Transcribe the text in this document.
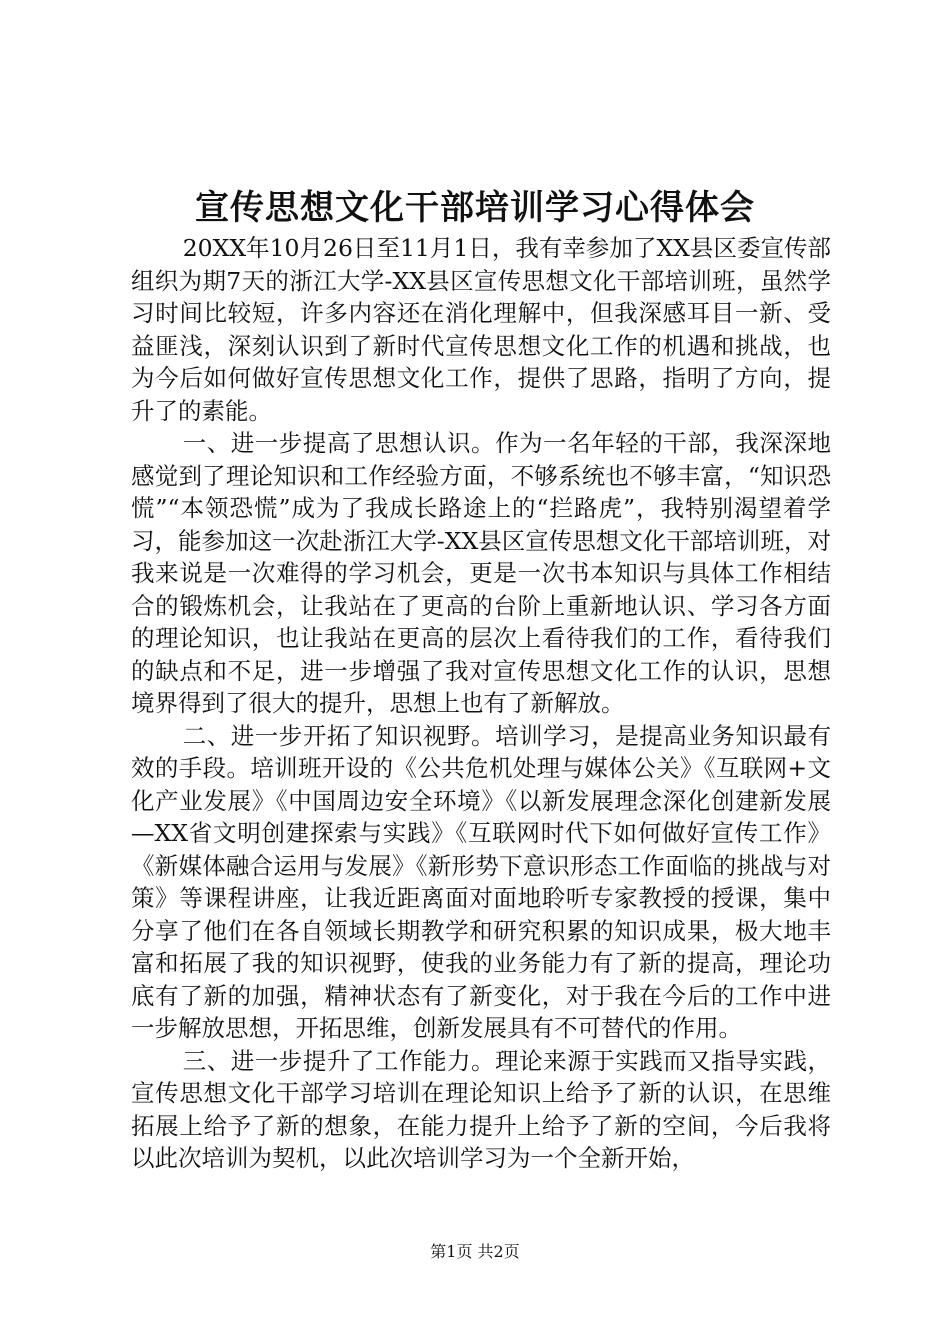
宣传思想文化干部培训学习心得体会

20XX年10月26日至11月1日，我有幸参加了XX县区委宣传部组织为期7天的浙江大学-XX县区宣传思想文化干部培训班，虽然学习时间比较短，许多内容还在消化理解中，但我深感耳目一新、受益匪浅，深刻认识到了新时代宣传思想文化工作的机遇和挑战，也为今后如何做好宣传思想文化工作，提供了思路，指明了方向，提升了的素能。

一、进一步提高了思想认识。作为一名年轻的干部，我深深地感觉到了理论知识和工作经验方面，不够系统也不够丰富，“知识恐慌”“本领恐慌”成为了我成长路途上的“拦路虎”，我特别渴望着学习，能参加这一次赴浙江大学-XX县区宣传思想文化干部培训班，对我来说是一次难得的学习机会，更是一次书本知识与具体工作相结合的锻炼机会，让我站在了更高的台阶上重新地认识、学习各方面的理论知识，也让我站在更高的层次上看待我们的工作，看待我们的缺点和不足，进一步增强了我对宣传思想文化工作的认识，思想境界得到了很大的提升，思想上也有了新解放。

二、进一步开拓了知识视野。培训学习，是提高业务知识最有效的手段。培训班开设的《公共危机处理与媒体公关》《互联网+文化产业发展》《中国周边安全环境》《以新发展理念深化创建新发展—XX省文明创建探索与实践》《互联网时代下如何做好宣传工作》《新媒体融合运用与发展》《新形势下意识形态工作面临的挑战与对策》等课程讲座，让我近距离面对面地聆听专家教授的授课，集中分享了他们在各自领域长期教学和研究积累的知识成果，极大地丰富和拓展了我的知识视野，使我的业务能力有了新的提高，理论功底有了新的加强，精神状态有了新变化，对于我在今后的工作中进一步解放思想，开拓思维，创新发展具有不可替代的作用。

三、进一步提升了工作能力。理论来源于实践而又指导实践，宣传思想文化干部学习培训在理论知识上给予了新的认识，在思维拓展上给予了新的想象，在能力提升上给予了新的空间，今后我将以此次培训为契机，以此次培训学习为一个全新开始，

第1页 共2页
